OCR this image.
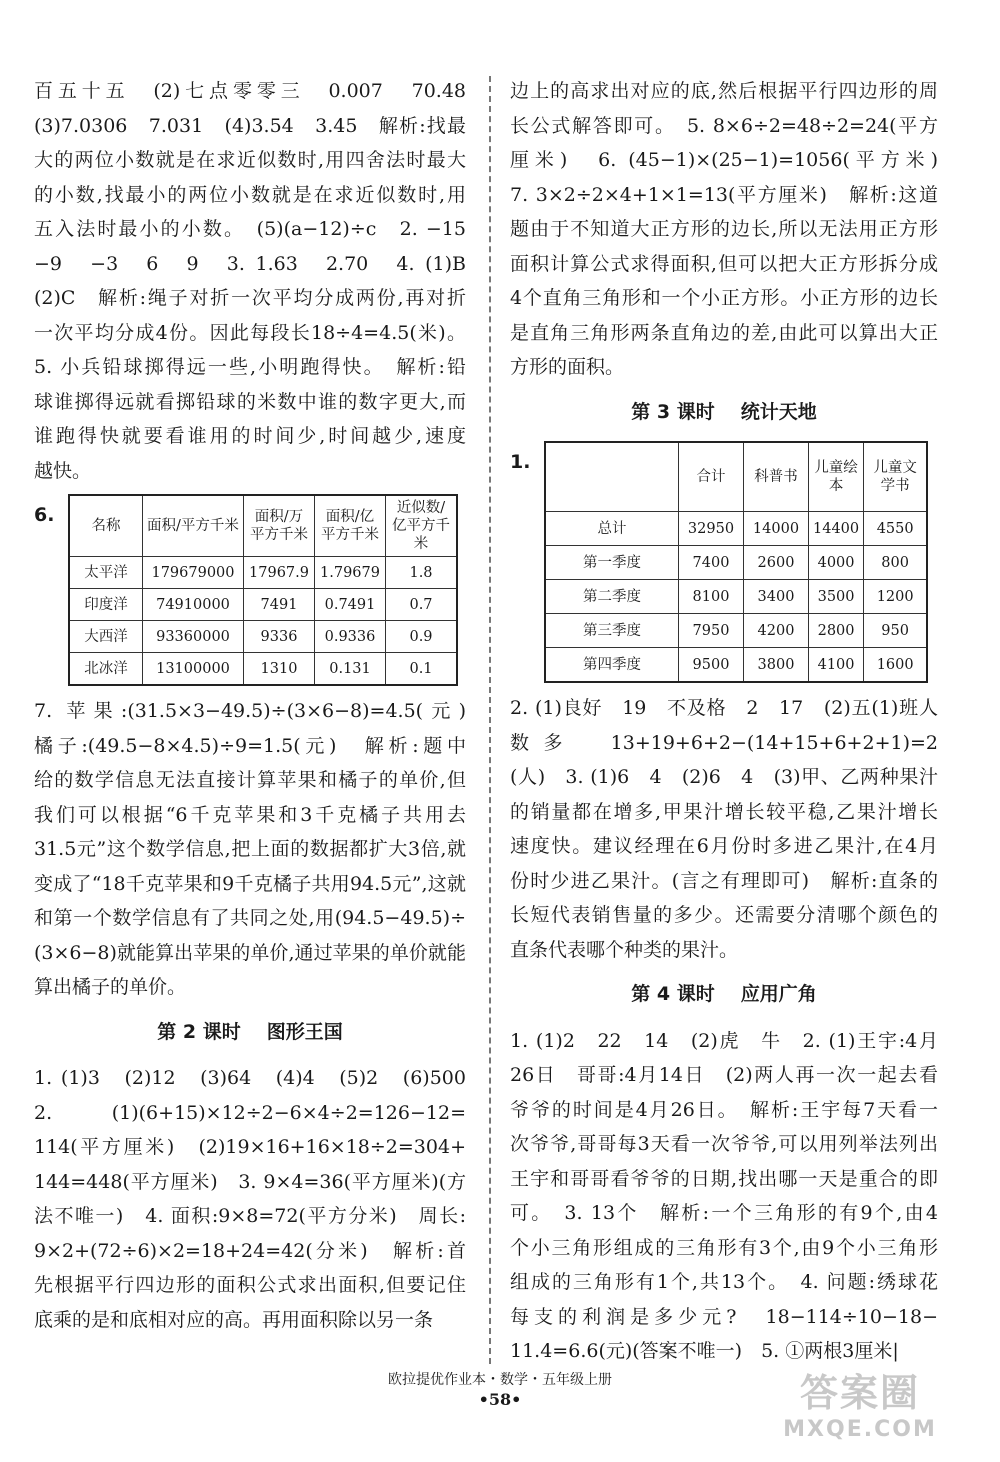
百五十五　(2)七点零零三　0.007　70.48

(3)7.0306　7.031　(4)3.54　3.45　解析:找最

大的两位小数就是在求近似数时,用四舍法时最大

的小数,找最小的两位小数就是在求近似数时,用

五入法时最小的小数。　(5)(a−12)÷c　2. −15

−9　−3　6　9　3. 1.63　2.70　4. (1)B

(2)C　解析:绳子对折一次平均分成两份,再对折

一次平均分成4份。因此每段长18÷4=4.5(米)。

5. 小兵铅球掷得远一些,小明跑得快。　解析:铅

球谁掷得远就看掷铅球的米数中谁的数字更大,而

谁跑得快就要看谁用的时间少,时间越少,速度

越快。

6.	名称	面积/平方千米	面积/万平方千米	面积/亿平方千米	近似数/亿平方千米
太平洋	179679000	17967.9	1.79679	1.8
印度洋	74910000	7491	0.7491	0.7
大西洋	93360000	9336	0.9336	0.9
北冰洋	13100000	1310	0.131	0.1

7. 苹果:(31.5×3−49.5)÷(3×6−8)=4.5(元)

橘子:(49.5−8×4.5)÷9=1.5(元)　解析:题中

给的数学信息无法直接计算苹果和橘子的单价,但

我们可以根据“6千克苹果和3千克橘子共用去

31.5元”这个数学信息,把上面的数据都扩大3倍,就

变成了“18千克苹果和9千克橘子共用94.5元”,这就

和第一个数学信息有了共同之处,用(94.5−49.5)÷

(3×6−8)就能算出苹果的单价,通过苹果的单价就能

算出橘子的单价。

第 2 课时 图形王国

1. (1)3　(2)12　(3)64　(4)4　(5)2　(6)500

2. (1)(6+15)×12÷2−6×4÷2=126−12=

114(平方厘米)　(2)19×16+16×18÷2=304+

144=448(平方厘米)　3. 9×4=36(平方厘米)(方

法不唯一)　4. 面积:9×8=72(平方分米)　周长:

9×2+(72÷6)×2=18+24=42(分米)　解析:首

先根据平行四边形的面积公式求出面积,但要记住

底乘的是和底相对应的高。再用面积除以另一条

边上的高求出对应的底,然后根据平行四边形的周

长公式解答即可。　5. 8×6÷2=48÷2=24(平方

厘米)　6. (45−1)×(25−1)=1056(平方米)

7. 3×2÷2×4+1×1=13(平方厘米)　解析:这道

题由于不知道大正方形的边长,所以无法用正方形

面积计算公式求得面积,但可以把大正方形拆分成

4个直角三角形和一个小正方形。小正方形的边长

是直角三角形两条直角边的差,由此可以算出大正

方形的面积。

第 3 课时 统计天地
1.
	合计	科普书	儿童绘本	儿童文学书
总计	32950	14000	14400	4550
第一季度	7400	2600	4000	800
第二季度	8100	3400	3500	1200
第三季度	7950	4200	2800	950
第四季度	9500	3800	4100	1600

2. (1)良好　19　不及格　2　17　(2)五(1)班人

数多　13+19+6+2−(14+15+6+2+1)=2

(人)　3. (1)6　4　(2)6　4　(3)甲、乙两种果汁

的销量都在增多,甲果汁增长较平稳,乙果汁增长

速度快。建议经理在6月份时多进乙果汁,在4月

份时少进乙果汁。(言之有理即可)　解析:直条的

长短代表销售量的多少。还需要分清哪个颜色的

直条代表哪个种类的果汁。

第 4 课时 应用广角

1. (1)2　22　14　(2)虎　牛　2. (1)王宇:4月

26日　哥哥:4月14日　(2)两人再一次一起去看

爷爷的时间是4月26日。　解析:王宇每7天看一

次爷爷,哥哥每3天看一次爷爷,可以用列举法列出

王宇和哥哥看爷爷的日期,找出哪一天是重合的即

可。　3. 13个　解析:一个三角形的有9个,由4

个小三角形组成的三角形有3个,由9个小三角形

组成的三角形有1个,共13个。　4. 问题:绣球花

每支的利润是多少元?　18−114÷10−18−

11.4=6.6(元)(答案不唯一)　5. ①两根3厘米|

欧拉提优作业本・数学・五年级上册
•58•	答案圈
MXQE.COM
